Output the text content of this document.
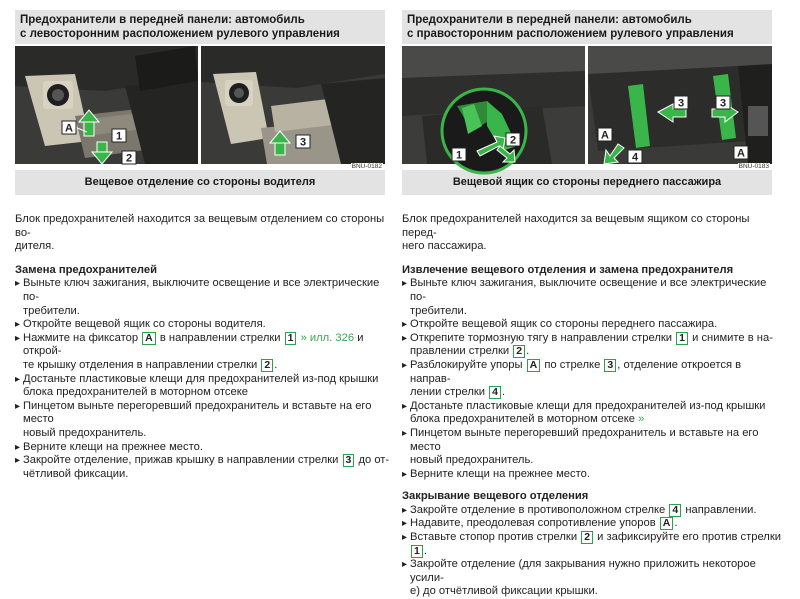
Предохранители в передней панели: автомобиль
с левосторонним расположением рулевого управления
A
1
2
3
BNU-0182
Вещевое отделение со стороны водителя
Блок предохранителей находится за вещевым отделением со стороны во-
дителя.
Замена предохранителей
▸ Выньте ключ зажигания, выключите освещение и все электрические по-
требители.
▸ Откройте вещевой ящик со стороны водителя.
▸ Нажмите на фиксатор A в направлении стрелки 1 » илл. 326 и открой-
те крышку отделения в направлении стрелки 2 .
▸ Достаньте пластиковые клещи для предохранителей из-под крышки
блока предохранителей в моторном отсеке
▸ Пинцетом выньте перегоревший предохранитель и вставьте на его место
новый предохранитель.
▸ Верните клещи на прежнее место.
▸ Закройте отделение, прижав крышку в направлении стрелки 3 до от-
чётливой фиксации.
Предохранители в передней панели: автомобиль
с правосторонним расположением рулевого управления
2
1
3	3
A
A
4
BNU-0183
Вещевой ящик со стороны переднего пассажира
Блок предохранителей находится за вещевым ящиком со стороны перед-
него пассажира.
Извлечение вещевого отделения и замена предохранителя
▸ Выньте ключ зажигания, выключите освещение и все электрические по-
требители.
▸ Откройте вещевой ящик со стороны переднего пассажира.
▸ Открепите тормозную тягу в направлении стрелки 1 и снимите в на-
правлении стрелки 2 .
▸ Разблокируйте упоры A по стрелке 3 , отделение откроется в направ-
лении стрелки 4 .
▸ Достаньте пластиковые клещи для предохранителей из-под крышки
блока предохранителей в моторном отсеке »
▸ Пинцетом выньте перегоревший предохранитель и вставьте на его место
новый предохранитель.
▸ Верните клещи на прежнее место.
Закрывание вещевого отделения
▸ Закройте отделение в противоположном стрелке 4 направлении.
▸ Надавите, преодолевая сопротивление упоров A .
▸ Вставьте стопор против стрелки 2 и зафиксируйте его против стрелки
1 .
▸ Закройте отделение (для закрывания нужно приложить некоторое усили-
е) до отчётливой фиксации крышки.
